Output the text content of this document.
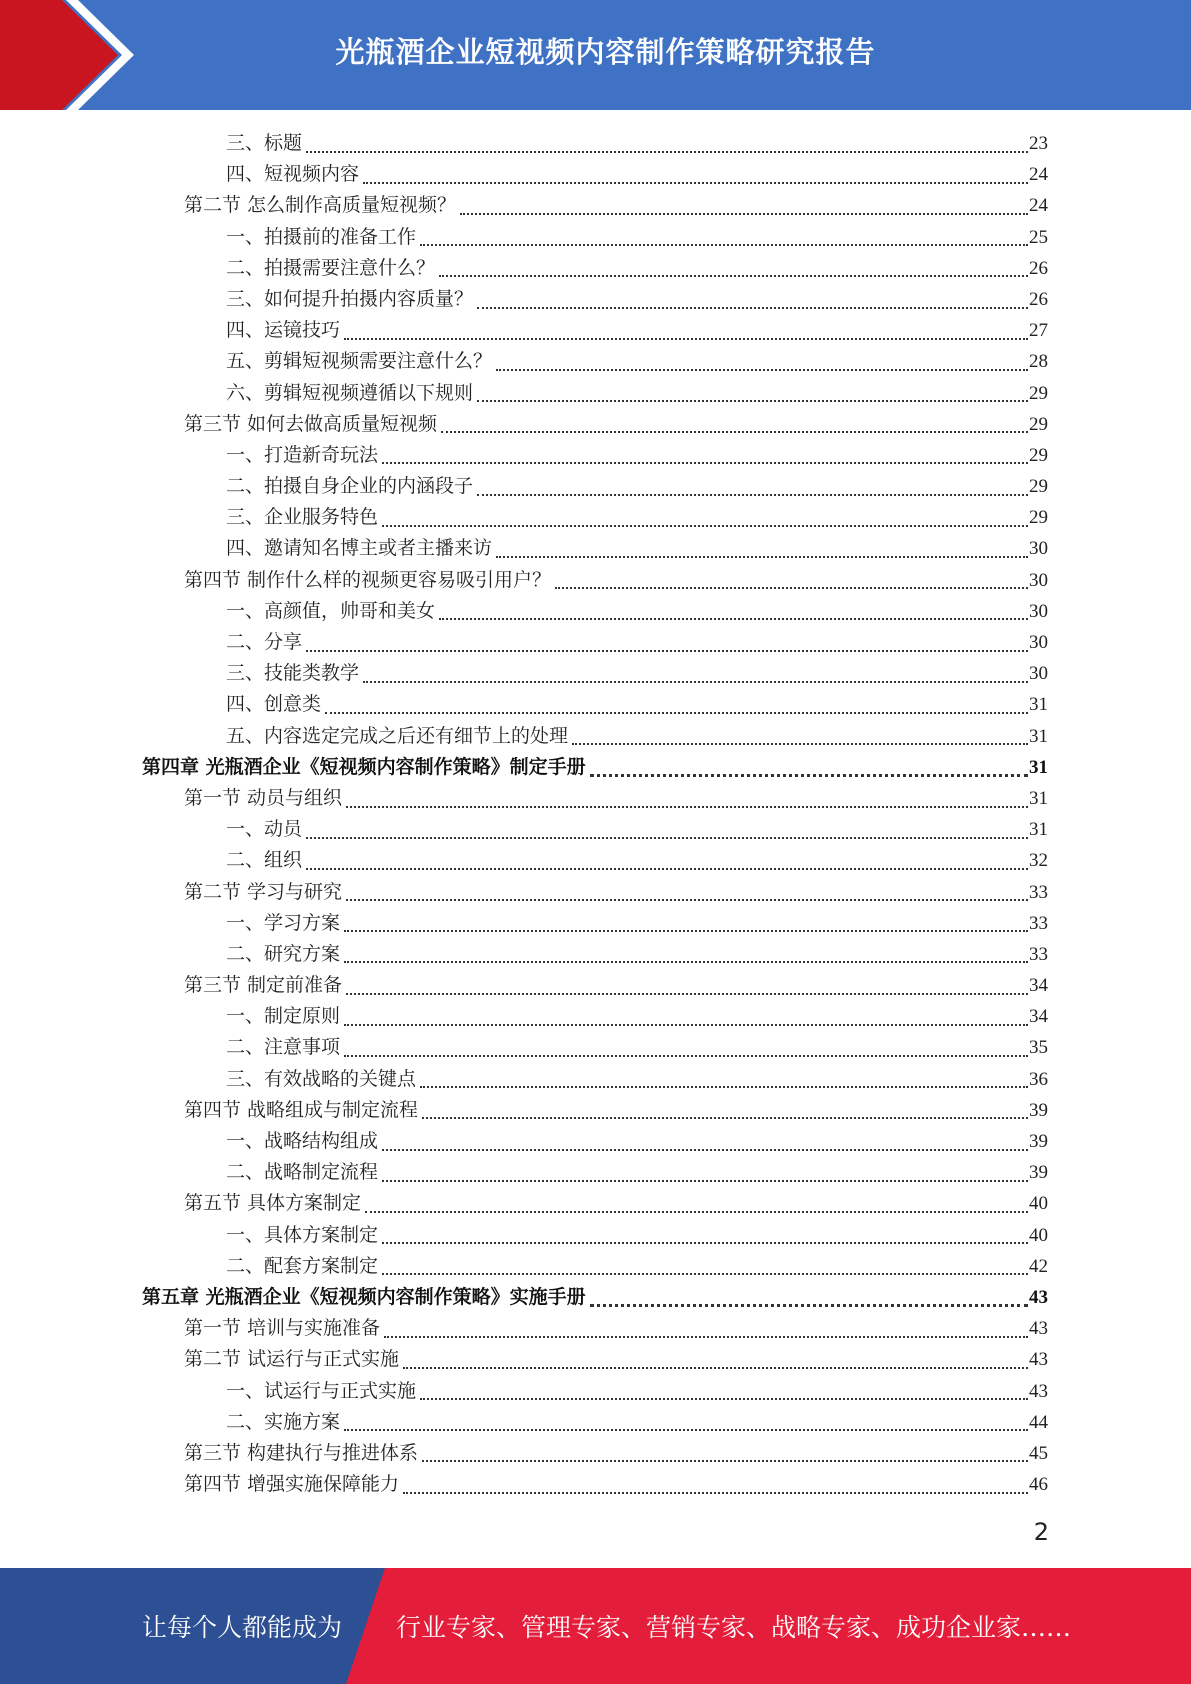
光瓶酒企业短视频内容制作策略研究报告
三、标题	23
四、短视频内容	24
第二节 怎么制作高质量短视频？	24
一、拍摄前的准备工作	25
二、拍摄需要注意什么？	26
三、如何提升拍摄内容质量？	26
四、运镜技巧	27
五、剪辑短视频需要注意什么？	28
六、剪辑短视频遵循以下规则	29
第三节 如何去做高质量短视频	29
一、打造新奇玩法	29
二、拍摄自身企业的内涵段子	29
三、企业服务特色	29
四、邀请知名博主或者主播来访	30
第四节 制作什么样的视频更容易吸引用户？	30
一、高颜值，帅哥和美女	30
二、分享	30
三、技能类教学	30
四、创意类	31
五、内容选定完成之后还有细节上的处理	31
第四章 光瓶酒企业《短视频内容制作策略》制定手册	31
第一节 动员与组织	31
一、动员	31
二、组织	32
第二节 学习与研究	33
一、学习方案	33
二、研究方案	33
第三节 制定前准备	34
一、制定原则	34
二、注意事项	35
三、有效战略的关键点	36
第四节 战略组成与制定流程	39
一、战略结构组成	39
二、战略制定流程	39
第五节 具体方案制定	40
一、具体方案制定	40
二、配套方案制定	42
第五章 光瓶酒企业《短视频内容制作策略》实施手册	43
第一节 培训与实施准备	43
第二节 试运行与正式实施	43
一、试运行与正式实施	43
二、实施方案	44
第三节 构建执行与推进体系	45
第四节 增强实施保障能力	46
2
让每个人都能成为 行业专家、管理专家、营销专家、战略专家、成功企业家……
